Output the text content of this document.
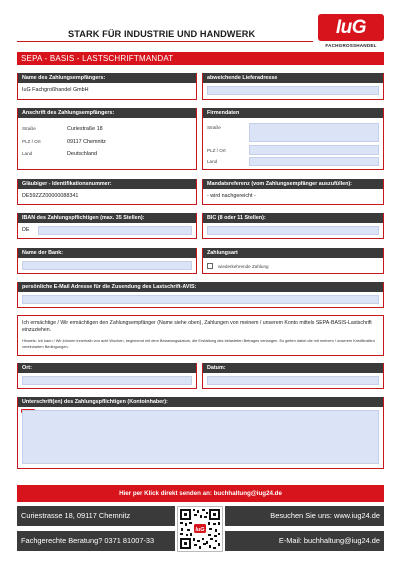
STARK FÜR INDUSTRIE UND HANDWERK	IuG
FACHGROSSHANDEL
SEPA - BASIS - LASTSCHRIFTMANDAT
Name des Zahlungsempfängers:
IuG Fachgroßhandel GmbH
abweichende Lieferadresse
Anschrift des Zahlungsempfängers:
Straße	Curiestraße 18
PLZ / Ort	09117 Chemnitz
Land	Deutschland
Firmendaten
Straße
PLZ / Ort
Land
Gläubiger - Identifikationsnummer:
DE59ZZZ00000088341
Mandatsreferenz (vom Zahlungsempfänger auszufüllen):
- wird nachgereicht -
IBAN des Zahlungspflichtigen (max. 35 Stellen):
DE
BIC (8 oder 11 Stellen):
Name der Bank:	Zahlungsart
wiederkehrende Zahlung
persönliche E-Mail Adresse für die Zusendung des Lastschrift-AVIS:
Ich ermächtige / Wir ermächtigen den Zahlungsempfänger (Name siehe oben), Zahlungen von meinem / unserem Konto mittels SEPA-BASIS-Lastschrift einzuziehen.
Hinweis: Ich kann / Wir können innerhalb von acht Wochen, beginnend mit dem Belastungsdatum, die Erstattung des belasteten Betrages verlangen. Es gelten dabei die mit meinem / unserem Kreditinstitut vereinbarten Bedingungen.
Ort:	Datum:
Unterschrift(en) des Zahlungspflichtigen (Kontoinhaber):
Hier per Klick direkt senden an: buchhaltung@iug24.de
Curiestrasse 18, 09117 Chemnitz	Besuchen Sie uns: www.iug24.de
Fachgerechte Beratung? 0371 81007-33	E-Mail: buchhaltung@iug24.de
IuG
